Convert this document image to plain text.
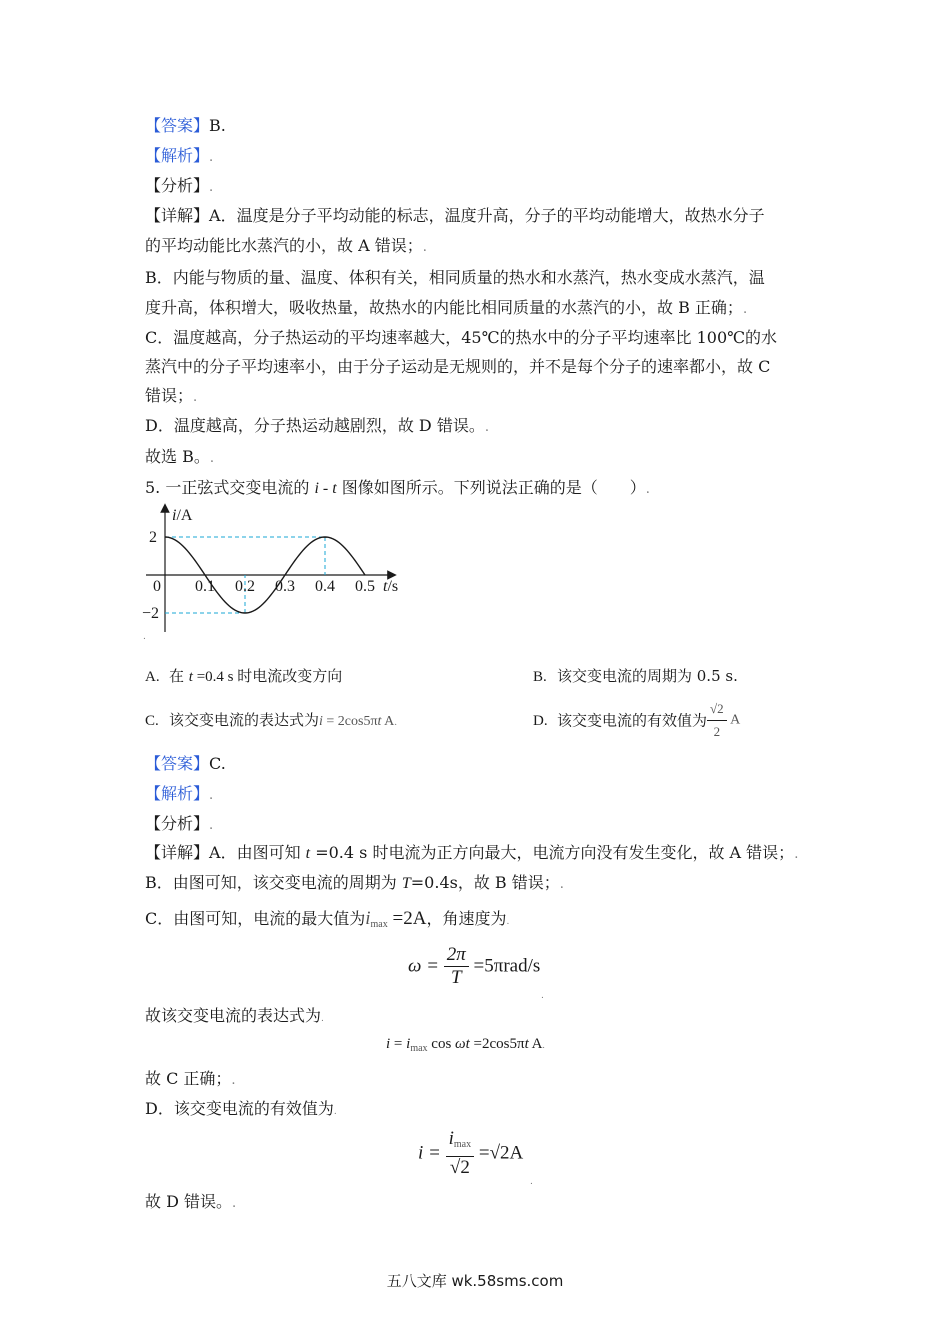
【答案】B.
【解析】.
【分析】.
【详解】A．温度是分子平均动能的标志，温度升高，分子的平均动能增大，故热水分子
的平均动能比水蒸汽的小，故 A 错误；.
B．内能与物质的量、温度、体积有关，相同质量的热水和水蒸汽，热水变成水蒸汽，温
度升高，体积增大，吸收热量，故热水的内能比相同质量的水蒸汽的小，故 B 正确；.
C．温度越高，分子热运动的平均速率越大，45℃的热水中的分子平均速率比 100℃的水
蒸汽中的分子平均速率小，由于分子运动是无规则的，并不是每个分子的速率都小，故 C
错误；.
D．温度越高，分子热运动越剧烈，故 D 错误。.
故选 B。.
5. 一正弦式交变电流的 i - t 图像如图所示。下列说法正确的是（　　）.
0 0.1 0.2 0.3 0.4 0.5
2
−2
i/A
t/s
.
A. 在 t =0.4 s 时电流改变方向	B. 该交变电流的周期为 0.5 s.
C. 该交变电流的表达式为i = 2cos5πt A.	D. 该交变电流的有效值为 $\frac{√2}{2}$ A
【答案】C.
【解析】.
【分析】.
【详解】A．由图可知 t =0.4 s 时电流为正方向最大，电流方向没有发生变化，故 A 错误；.
B．由图可知，该交变电流的周期为 T=0.4s，故 B 错误；.
C．由图可知，电流的最大值为$i_{max} =2A$，角速度为.
$\omega = \frac{2\pi}{T} =5\pi rad/s$
.
故该交变电流的表达式为.
$i = i_{max}$ cos ωt =2cos5πt A.
故 C 正确；.
D．该交变电流的有效值为.
$i = \frac{i_{max}}{√2} =√2A$
.
故 D 错误。.
五八文库 wk.58sms.com
